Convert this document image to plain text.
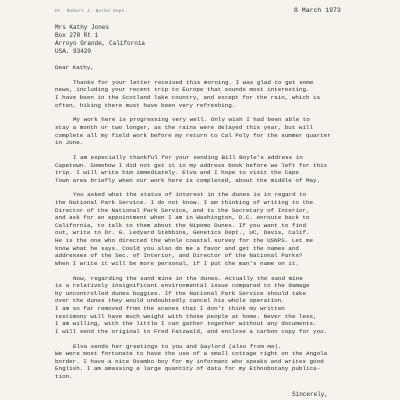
Dr. Robert J. Burke Dept.	8 March 1973
Mrs Kathy Jones
Box 278 Rt 1
Arroyo Grande, California
USA. 93420

Dear Kathy,

Thanks for your letter received this morning. I was glad to get some
news, including your recent trip to Europe that sounds most interesting.
I have been in the Scotland lake country, and except for the rain, which is
often, hiking there must have been very refreshing.

My work here is progressing very well. Only wish I had been able to
stay a month or two longer, as the rains were delayed this year, but will
complete all my field work before my return to Cal Poly for the summer quarter
in June.

I am especially thankful for your sending Bill Boyle's address in
Capetown. Somehow I did not get it in my address book before we left for this
trip. I will write him immediately. Elva and I hope to visit the Cape
Town area briefly when our work here is completed, about the middle of May.

You asked what the status of interest in the dunes is in regard to
the National Park Service. I do not know. I am thinking of writing to the
Director of the National Park Service, and to the Secretary of Interior,
and ask for an appointment when I am in Washington, D.C. enroute back to
California, to talk to them about the Nipomo Dunes. If you want to find
out, write to Dr. G. Ledyard Stebbins, Genetics Dept., UC, Davis, Calif.
He is the one who directed the whole coastal survey for the USNPS. Let me
know what he says. Could you also do me a favor and get the names and
addresses of the Sec. of Interior, and Director of the National Parks?
When I write it will be more personal, if I put the man's name on it.

Now, regarding the sand mine in the dunes. Actually the sand mine
is a relatively insignificant environmental issue compared to the damage
by uncontrolled dunes buggies. If the National Park Service should take
over the dunes they would undoubtedly cancel his whole operation.
I am so far removed from the scenes that I don't think my written
testimony will have much weight with those people at home. Never the less,
I am willing, with the little I can gather together without any documents.
I will send the original to Fred Fatzwald, and enclose a carbon copy for you.

Elva sends her greetings to you and Gaylord (also from me).
We were most fortunate to have the use of a small cottage right on the Angola
border. I have a nice Ovambo boy for my informant who speaks and writes good
English. I am amassing a large quantity of data for my Ethnobotany publica-
tion.

Sincerely,
